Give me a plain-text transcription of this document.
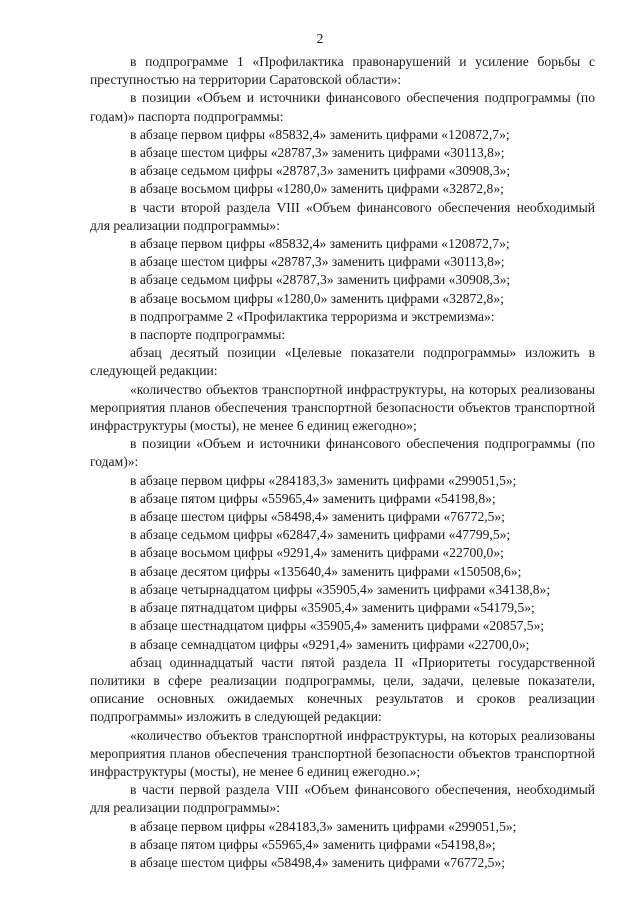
2

в подпрограмме 1 «Профилактика правонарушений и усиление борьбы с преступностью на территории Саратовской области»:

в позиции «Объем и источники финансового обеспечения подпрограммы (по годам)» паспорта подпрограммы:

в абзаце первом цифры «85832,4» заменить цифрами «120872,7»;

в абзаце шестом цифры «28787,3» заменить цифрами «30113,8»;

в абзаце седьмом цифры «28787,3» заменить цифрами «30908,3»;

в абзаце восьмом цифры «1280,0» заменить цифрами «32872,8»;

в части второй раздела VIII «Объем финансового обеспечения необходимый для реализации подпрограммы»:

в абзаце первом цифры «85832,4» заменить цифрами «120872,7»;

в абзаце шестом цифры «28787,3» заменить цифрами «30113,8»;

в абзаце седьмом цифры «28787,3» заменить цифрами «30908,3»;

в абзаце восьмом цифры «1280,0» заменить цифрами «32872,8»;

в подпрограмме 2 «Профилактика терроризма и экстремизма»:

в паспорте подпрограммы:

абзац десятый позиции «Целевые показатели подпрограммы» изложить в следующей редакции:

«количество объектов транспортной инфраструктуры, на которых реализованы мероприятия планов обеспечения транспортной безопасности объектов транспортной инфраструктуры (мосты), не менее 6 единиц ежегодно»;

в позиции «Объем и источники финансового обеспечения подпрограммы (по годам)»:

в абзаце первом цифры «284183,3» заменить цифрами «299051,5»;

в абзаце пятом цифры «55965,4» заменить цифрами «54198,8»;

в абзаце шестом цифры «58498,4» заменить цифрами «76772,5»;

в абзаце седьмом цифры «62847,4» заменить цифрами «47799,5»;

в абзаце восьмом цифры «9291,4» заменить цифрами «22700,0»;

в абзаце десятом цифры «135640,4» заменить цифрами «150508,6»;

в абзаце четырнадцатом цифры «35905,4» заменить цифрами «34138,8»;

в абзаце пятнадцатом цифры «35905,4» заменить цифрами «54179,5»;

в абзаце шестнадцатом цифры «35905,4» заменить цифрами «20857,5»;

в абзаце семнадцатом цифры «9291,4» заменить цифрами «22700,0»;

абзац одиннадцатый части пятой раздела II «Приоритеты государственной политики в сфере реализации подпрограммы, цели, задачи, целевые показатели, описание основных ожидаемых конечных результатов и сроков реализации подпрограммы» изложить в следующей редакции:

«количество объектов транспортной инфраструктуры, на которых реализованы мероприятия планов обеспечения транспортной безопасности объектов транспортной инфраструктуры (мосты), не менее 6 единиц ежегодно.»;

в части первой раздела VIII «Объем финансового обеспечения, необходимый для реализации подпрограммы»:

в абзаце первом цифры «284183,3» заменить цифрами «299051,5»;

в абзаце пятом цифры «55965,4» заменить цифрами «54198,8»;

в абзаце шестом цифры «58498,4» заменить цифрами «76772,5»;
